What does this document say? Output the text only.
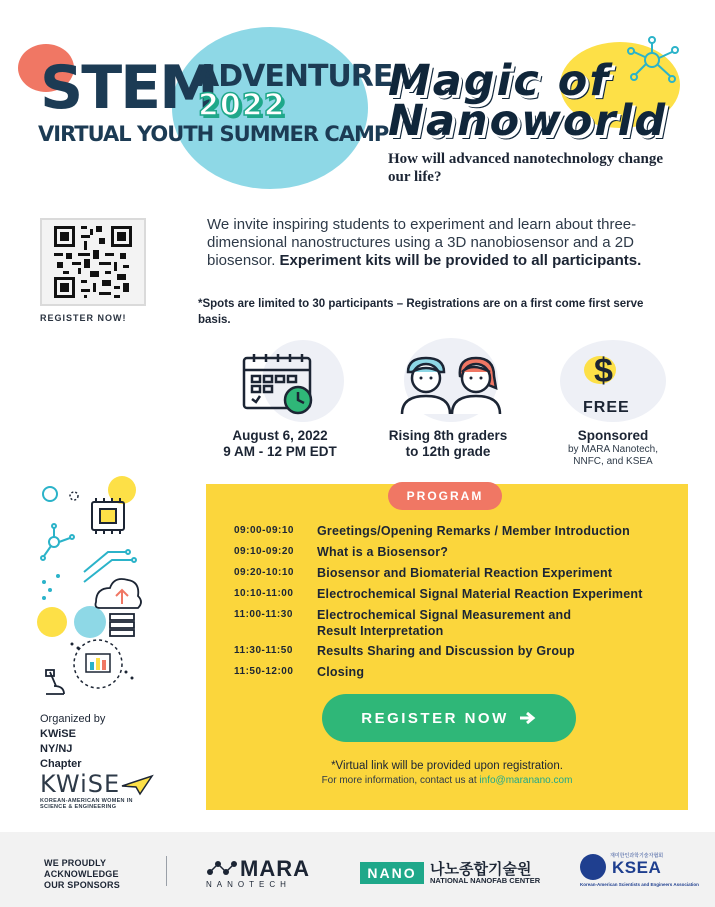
STEM
ADVENTURE
2022
VIRTUAL YOUTH SUMMER CAMP
Magic of
Nanoworld
How will advanced nanotechnology change our life?
REGISTER NOW!
We invite inspiring students to experiment and learn about three-dimensional nanostructures using a 3D nanobiosensor and a 2D biosensor. Experiment kits will be provided to all participants.
*Spots are limited to 30 participants – Registrations are on a first come first serve basis.
August 6, 2022
9 AM - 12 PM EDT
Rising 8th graders
to 12th grade
$
FREE
Sponsored
by MARA Nanotech,
NNFC, and KSEA
Organized by
KWiSE
NY/NJ
Chapter
KWiSE
KOREAN-AMERICAN WOMEN IN SCIENCE & ENGINEERING
PROGRAM
09:00-09:10 Greetings/Opening Remarks / Member Introduction
09:10-09:20 What is a Biosensor?
09:20-10:10 Biosensor and Biomaterial Reaction Experiment
10:10-11:00 Electrochemical Signal Material Reaction Experiment
11:00-11:30 Electrochemical Signal Measurement and
Result Interpretation
11:30-11:50 Results Sharing and Discussion by Group
11:50-12:00 Closing
REGISTER NOW
*Virtual link will be provided upon registration.
For more information, contact us at info@maranano.com
WE PROUDLY
ACKNOWLEDGE
OUR SPONSORS
MARA
NANOTECH
NANO 나노종합기술원
NATIONAL NANOFAB CENTER
재미한인과학기술자협회
KSEA
Korean-American Scientists and Engineers Association
